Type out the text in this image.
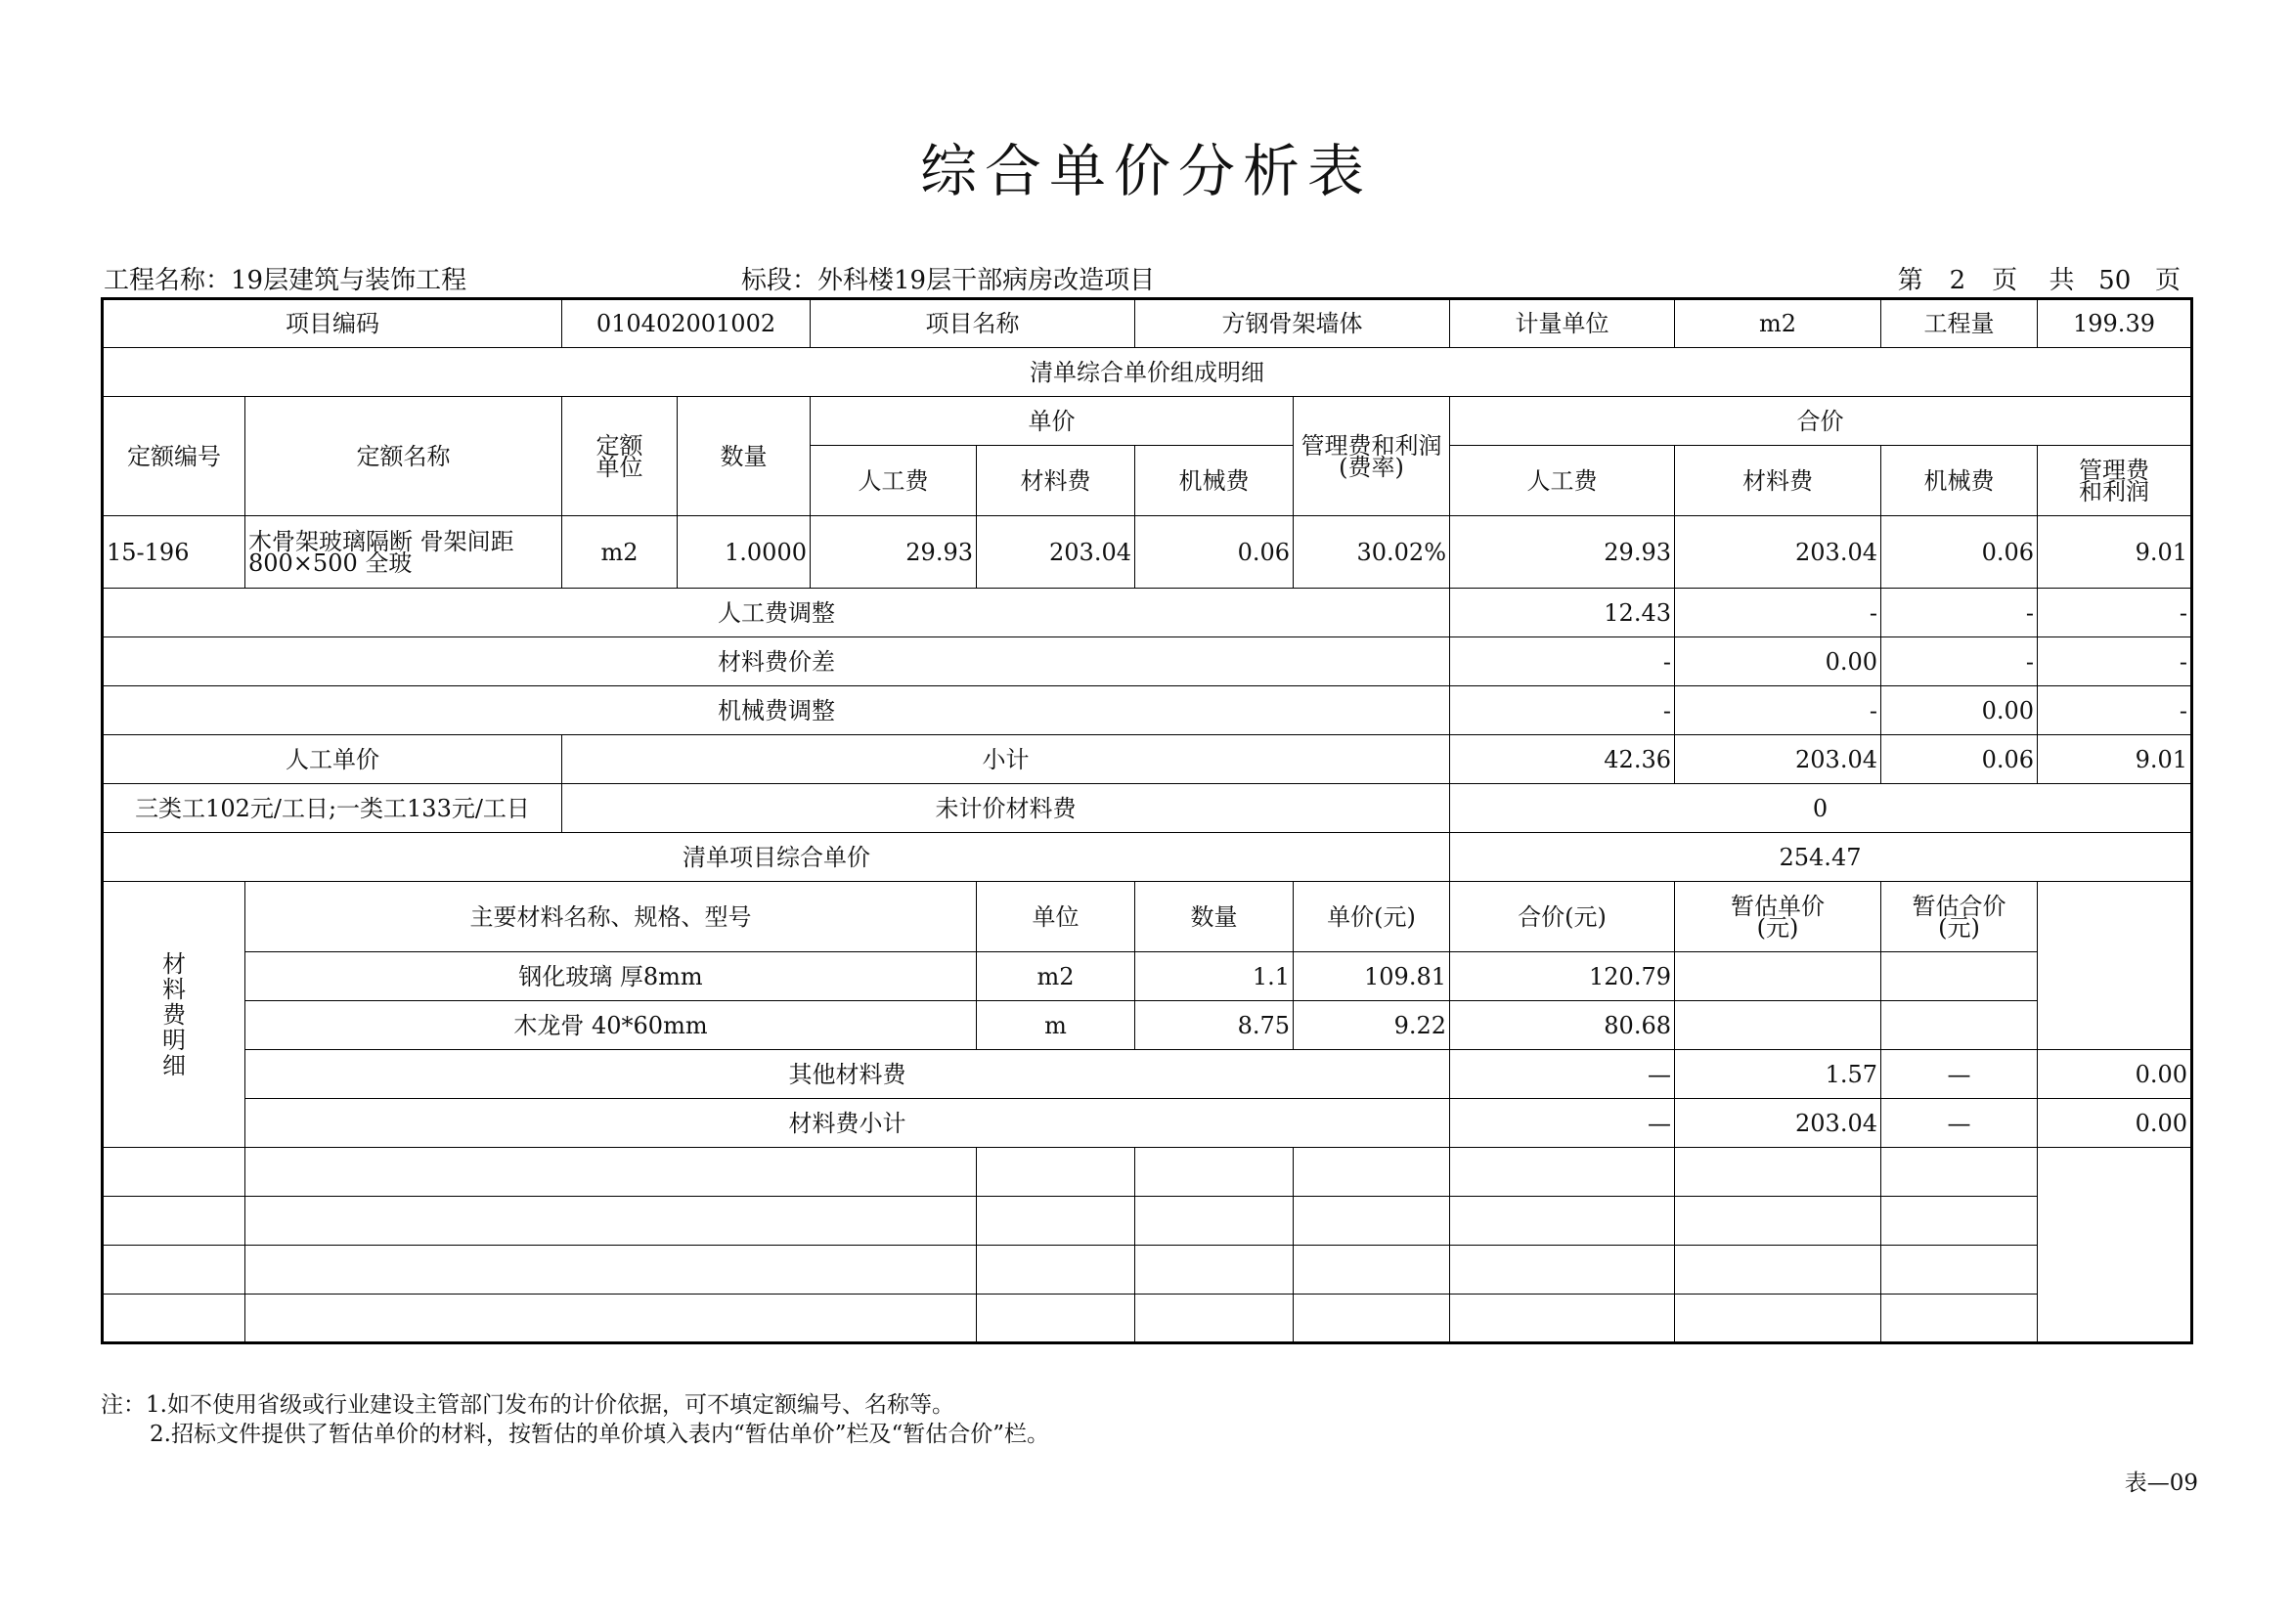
综合单价分析表
工程名称：19层建筑与装饰工程	标段：外科楼19层干部病房改造项目	第 2 页 共 50 页
项目编码		010402001002		项目名称		方钢骨架墙体		计量单位	m2	工程量	199.39
清单综合单价组成明细											
定额编号	定额名称	定额单位	数量	单价			管理费和利润(费率)	合价			
				人工费	材料费	机械费		人工费	材料费	机械费	管理费和利润

15-196	木骨架玻璃隔断 骨架间距800×500 全玻	m2	1.0000	29.93	203.04	0.06	30.02%	29.93	203.04	0.06	9.01
人工费调整								12.43	-	-	-
材料费价差								-	0.00	-	-
机械费调整								-	-	0.00	-
人工单价		小计						42.36	203.04	0.06	9.01
三类工102元/工日;一类工133元/工日		未计价材料费						0			
清单项目综合单价								254.47			

材料费明细	主要材料名称、规格、型号				单位	数量	单价(元)	合价(元)	暂估单价(元)	暂估合价(元)	

	钢化玻璃 厚8mm				m2	1.1	109.81	120.79			
	木龙骨 40*60mm				m	8.75	9.22	80.68			
	其他材料费							—	1.57	—	0.00
	材料费小计							—	203.04	—	0.00

注：1.如不使用省级或行业建设主管部门发布的计价依据，可不填定额编号、名称等。
2.招标文件提供了暂估单价的材料，按暂估的单价填入表内“暂估单价”栏及“暂估合价”栏。
表—09
